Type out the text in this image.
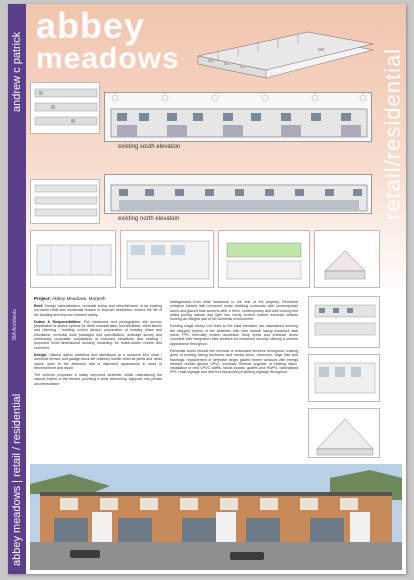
andrew c patrick
abbey meadows | retail / residential
IBA Architects
abbey
meadows	retail/residential
existing south elevation
existing north elevation
Project: Abbey Meadows, Morpeth

Brief: Design rationalisation, remedial works and refurbishment of an existing run-down retail and residential terrace to improve aesthetics, extend the life of the building and improve resident safety.

Duties & Responsibilities: Full measured and photographic site survey; preparation of sketch options for client consideration and feedback; client liaison and planning / building control advice; preparation of existing plans and elevations; remedial work packages and specification; drainage survey and preliminary proposals; preparation of coloured elevations and existing / proposed three-dimensional building modelling for lease-holder review and comment.

Design: Historic adhoc additions and alterations to a rundown 60's retail / domestic terrace and garage block left untimely hostile external yards and 'dead space' open to the elements with a disjointed appearance in need of refurbishment and repair.

The scheme proposed a vastly improved aesthetic whilst rationalising the natural rhythm of the terrace providing a clear welcoming 'signpost' into private accommodation

distinguished from retail entrances to the rear of the property. Rendered entrance lobbies with recessed cedar cladding surrounds with contemporary doors and glazed side screens offer a fresh, contemporary and well coming feel whilst pulling natural day light into newly formed shared entrance lobbies forming an integral part of the domestic environment.

Existing single storey roof lines to the west elevation are rationalised echoing the stepped rhythm of the aesthetic with new natural facing brickwork stall risers, PPC thermally broken aluminium shop fronts and entrance doors complete with integrated roller shutters for enhanced security offering a uniform appearance throughout.

Remedial works include the removal of redundant services throughout, making good of existing facing brickwork and mortar joints, chimneys, ridge tiles and flashings, replacement of defective single glazed timber windows with energy efficient double glazed UPVC windows, thermal upgrade of existing fabric, installation of new UPVC soffits, fascia boards, gutters and RWP's, rationalised PPC retail signage and new box fascia and projecting signage throughout.
